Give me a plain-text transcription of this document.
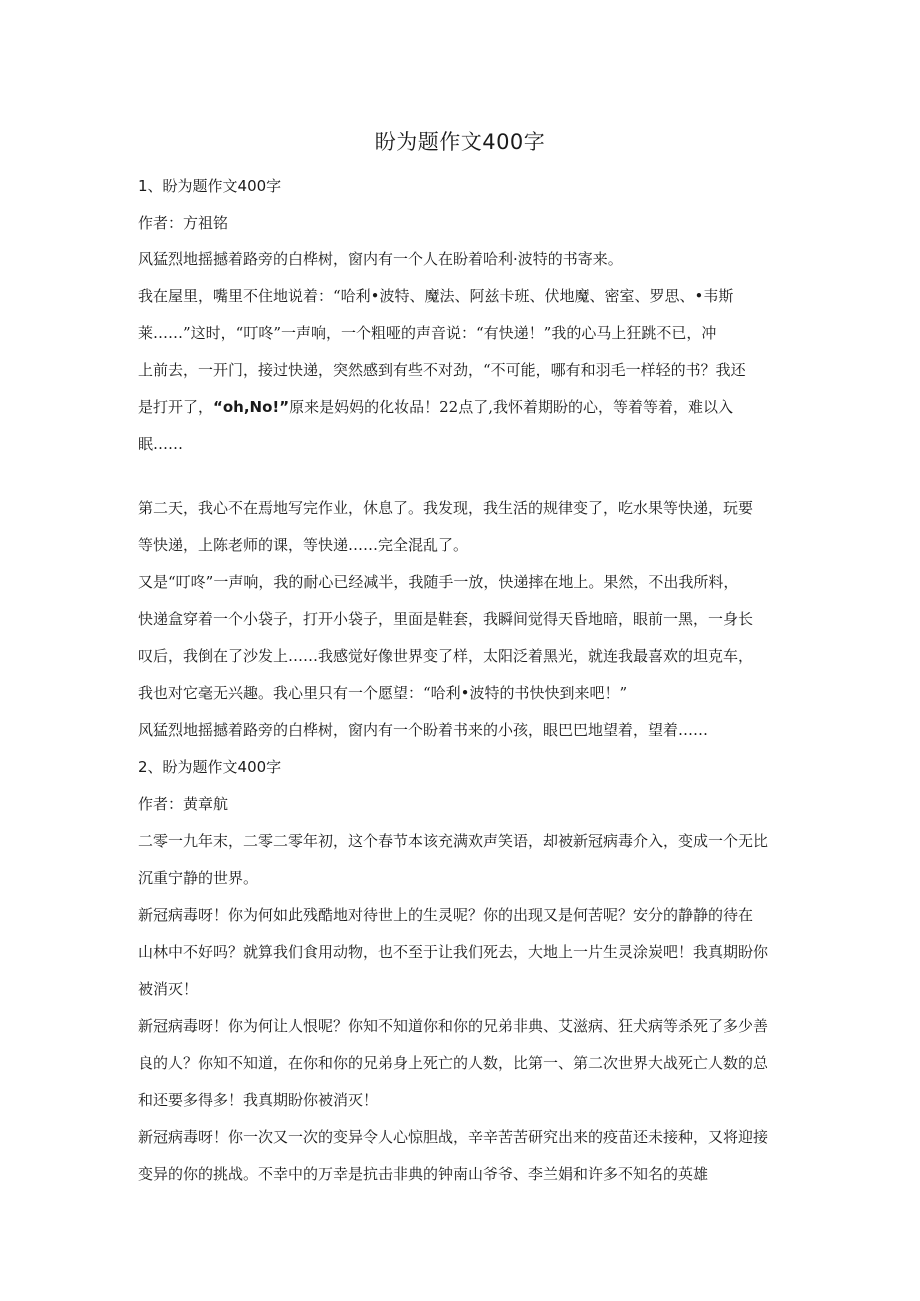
盼为题作文400字
1、盼为题作文400字
作者：方祖铭
风猛烈地摇撼着路旁的白桦树，窗内有一个人在盼着哈利·波特的书寄来。
我在屋里，嘴里不住地说着：“哈利•波特、魔法、阿兹卡班、伏地魔、密室、罗思、•韦斯
莱……”这时，“叮咚”一声响，一个粗哑的声音说：“有快递！”我的心马上狂跳不已，冲
上前去，一开门，接过快递，突然感到有些不对劲，“不可能，哪有和羽毛一样轻的书？我还
是打开了，“oh,No!”原来是妈妈的化妆品！22点了,我怀着期盼的心，等着等着，难以入
眠……
第二天，我心不在焉地写完作业，休息了。我发现，我生活的规律变了，吃水果等快递，玩要
等快递，上陈老师的课，等快递……完全混乱了。
又是“叮咚”一声响，我的耐心已经减半，我随手一放，快递摔在地上。果然，不出我所料，
快递盒穿着一个小袋子，打开小袋子，里面是鞋套，我瞬间觉得天昏地暗，眼前一黑，一身长
叹后，我倒在了沙发上……我感觉好像世界变了样，太阳泛着黑光，就连我最喜欢的坦克车，
我也对它毫无兴趣。我心里只有一个愿望：“哈利•波特的书快快到来吧！”
风猛烈地摇撼着路旁的白桦树，窗内有一个盼着书来的小孩，眼巴巴地望着，望着……
2、盼为题作文400字
作者：黄章航
二零一九年末，二零二零年初，这个春节本该充满欢声笑语，却被新冠病毒介入，变成一个无比
沉重宁静的世界。
新冠病毒呀！你为何如此残酷地对待世上的生灵呢？你的出现又是何苦呢？安分的静静的待在
山林中不好吗？就算我们食用动物，也不至于让我们死去，大地上一片生灵涂炭吧！我真期盼你
被消灭！
新冠病毒呀！你为何让人恨呢？你知不知道你和你的兄弟非典、艾滋病、狂犬病等杀死了多少善
良的人？你知不知道，在你和你的兄弟身上死亡的人数，比第一、第二次世界大战死亡人数的总
和还要多得多！我真期盼你被消灭！
新冠病毒呀！你一次又一次的变异令人心惊胆战，辛辛苦苦研究出来的疫苗还未接种，又将迎接
变异的你的挑战。不幸中的万幸是抗击非典的钟南山爷爷、李兰娟和许多不知名的英雄
